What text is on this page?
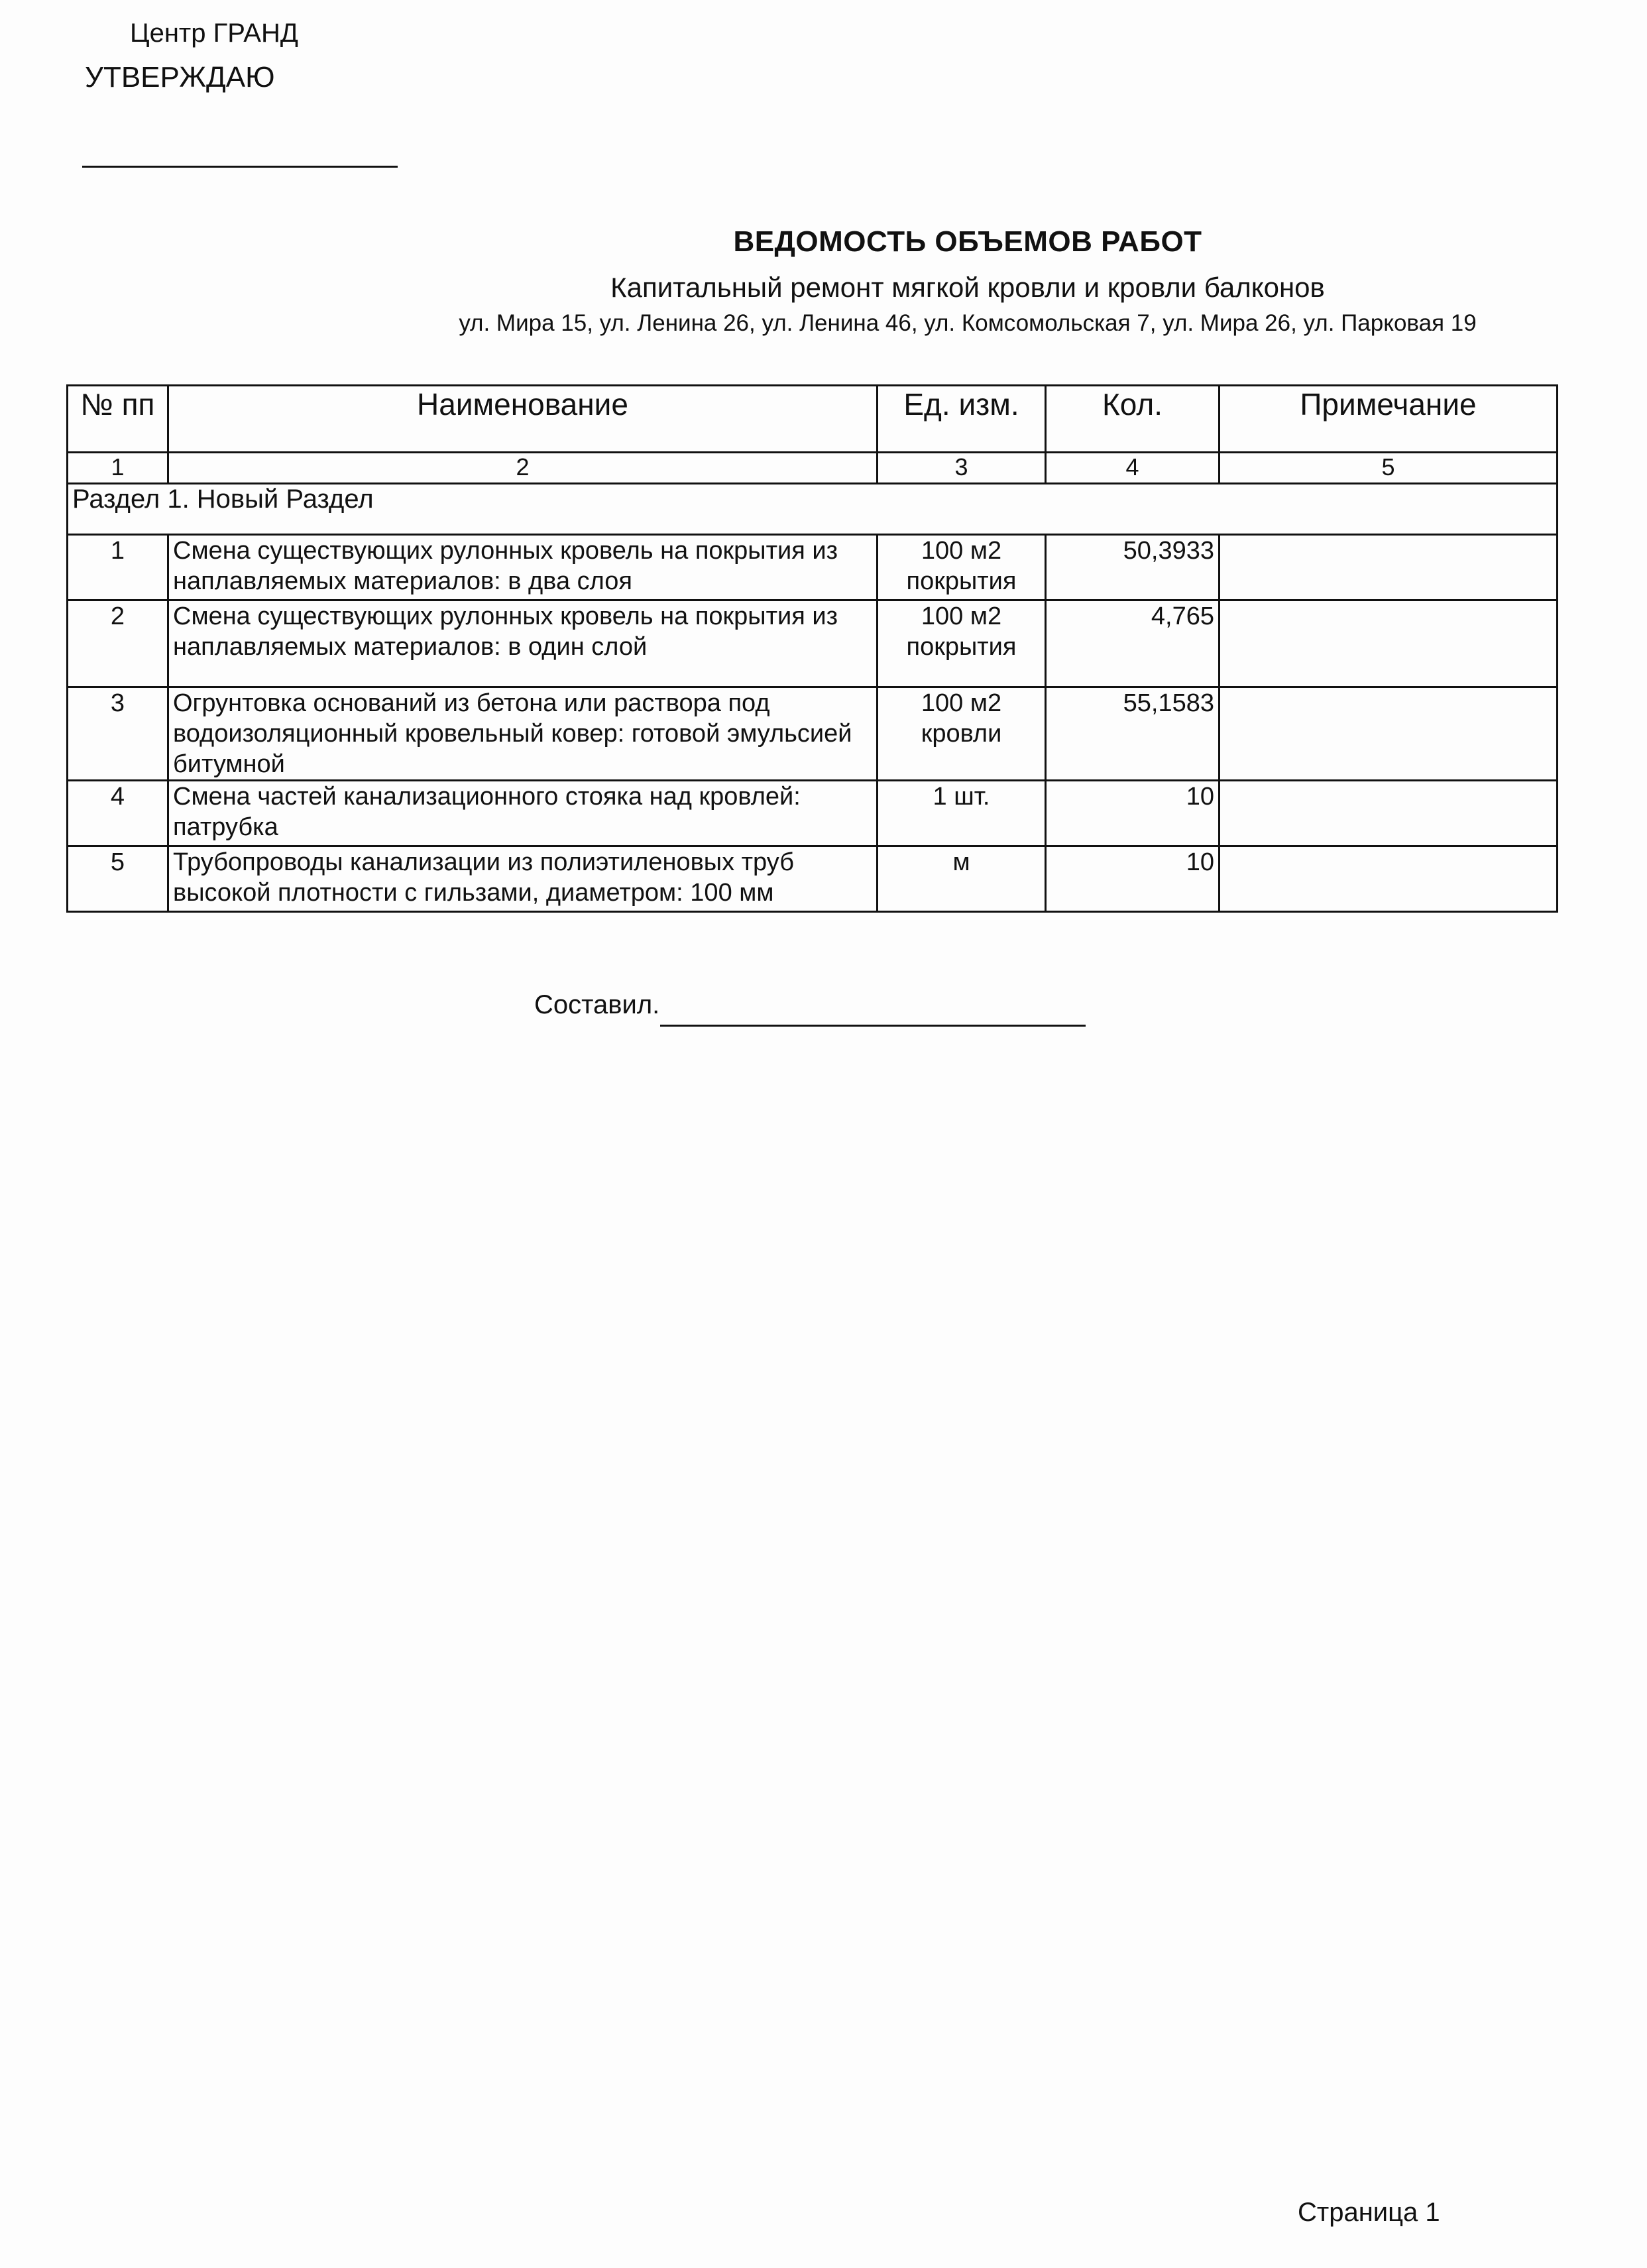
Центр ГРАНД
УТВЕРЖДАЮ
ВЕДОМОСТЬ ОБЪЕМОВ РАБОТ
Капитальный ремонт мягкой кровли и кровли балконов
ул. Мира 15, ул. Ленина 26, ул. Ленина 46, ул. Комсомольская 7, ул. Мира 26, ул. Парковая 19
№ пп	Наименование	Ед. изм.	Кол.	Примечание
1	2	3	4	5
Раздел 1. Новый Раздел				
1	Смена существующих рулонных кровель на покрытия из наплавляемых материалов: в два слоя	100 м2 покрытия	50,3933	
2	Смена существующих рулонных кровель на покрытия из наплавляемых материалов: в один слой	100 м2 покрытия	4,765	
3	Огрунтовка оснований из бетона или раствора под водоизоляционный кровельный ковер: готовой эмульсией битумной	100 м2 кровли	55,1583	
4	Смена частей канализационного стояка над кровлей: патрубка	1 шт.	10	
5	Трубопроводы канализации из полиэтиленовых труб высокой плотности с гильзами, диаметром: 100 мм	м	10	
Составил.
Страница 1
